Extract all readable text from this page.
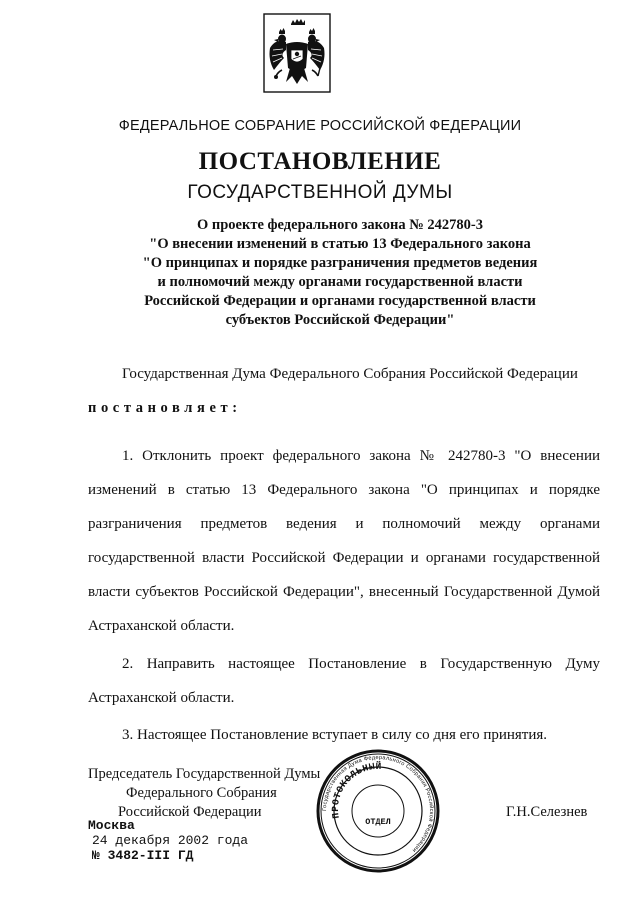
ФЕДЕРАЛЬНОЕ СОБРАНИЕ РОССИЙСКОЙ ФЕДЕРАЦИИ
ПОСТАНОВЛЕНИЕ
ГОСУДАРСТВЕННОЙ ДУМЫ
О проекте федерального закона № 242780-3
"О внесении изменений в статью 13 Федерального закона
"О принципах и порядке разграничения предметов ведения
и полномочий между органами государственной власти
Российской Федерации и органами государственной власти
субъектов Российской Федерации"
Государственная Дума Федерального Собрания Российской Федерации
постановляет:
1. Отклонить проект федерального закона № 242780-3 "О внесении
изменений в статью 13 Федерального закона "О принципах и порядке
разграничения предметов ведения и полномочий между органами
государственной власти Российской Федерации и органами государственной
власти субъектов Российской Федерации", внесенный Государственной Думой
Астраханской области.
2. Направить настоящее Постановление в Государственную Думу
Астраханской области.
3. Настоящее Постановление вступает в силу со дня его принятия.
Председатель Государственной Думы
Федерального Собрания
Российской Федерации	Г.Н.Селезнев
Государственная Дума Федерального Собрания Российской Федерации
ПРОТОКОЛЬНЫЙ
ОТДЕЛ
Москва
24 декабря 2002 года
№ 3482-III ГД
